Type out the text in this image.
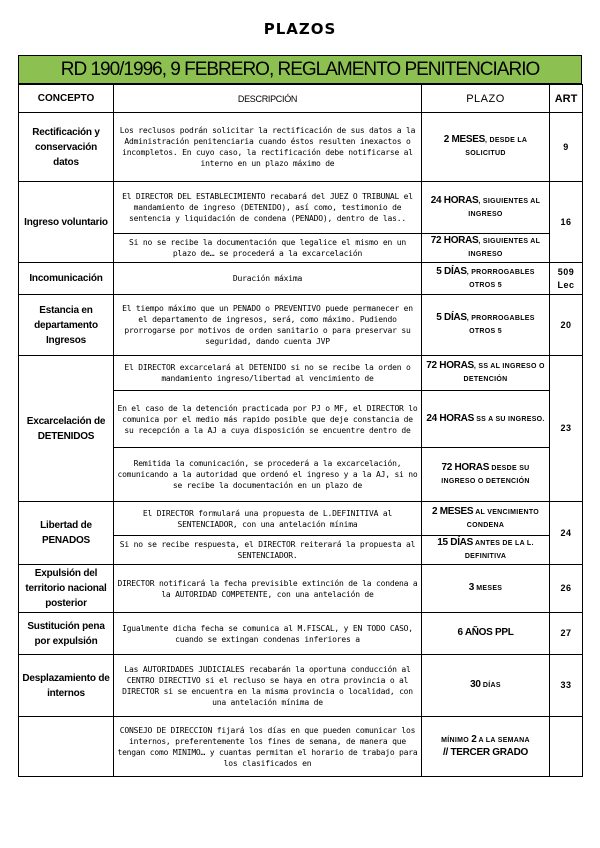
PLAZOS
RD 190/1996, 9 FEBRERO, REGLAMENTO PENITENCIARIO
CONCEPTO	DESCRIPCIÓN	PLAZO	ART
Rectificación y conservación datos	Los reclusos podrán solicitar la rectificación de sus datos a la Administración penitenciaria cuando éstos resulten inexactos o incompletos. En cuyo caso, la rectificación debe notificarse al interno en un plazo máximo de	2 MESES, DESDE LA SOLICITUD	9
Ingreso voluntario	El DIRECTOR DEL ESTABLECIMIENTO recabará del JUEZ O TRIBUNAL el mandamiento de ingreso (DETENIDO), así como, testimonio de sentencia y liquidación de condena (PENADO), dentro de las..	24 HORAS, SIGUIENTES AL INGRESO	16
	Si no se recibe la documentación que legalice el mismo en un plazo de… se procederá a la excarcelación	72 HORAS, SIGUIENTES AL INGRESO	
Incomunicación	Duración máxima	5 DÍAS, PRORROGABLES OTROS 5	509 Lec
Estancia en departamento Ingresos	El tiempo máximo que un PENADO o PREVENTIVO puede permanecer en el departamento de ingresos, será, como máximo. Pudiendo prorrogarse por motivos de orden sanitario o para preservar su seguridad, dando cuenta JVP	5 DÍAS, PRORROGABLES OTROS 5	20
Excarcelación de DETENIDOS	El DIRECTOR excarcelará al DETENIDO si no se recibe la orden o mandamiento ingreso/libertad al vencimiento de	72 HORAS, SS AL INGRESO O DETENCIÓN	23
	En el caso de la detención practicada por PJ o MF, el DIRECTOR lo comunica por el medio más rapido posible que deje constancia de su recepción a la AJ a cuya disposición se encuentre dentro de	24 HORAS SS A SU INGRESO.	
	Remitida la comunicación, se procederá a la excarcelación, comunicando a la autoridad que ordenó el ingreso y a la AJ, si no se recibe la documentación en un plazo de	72 HORAS DESDE SU INGRESO O DETENCIÓN	
Libertad de PENADOS	El DIRECTOR formulará una propuesta de L.DEFINITIVA al SENTENCIADOR, con una antelación mínima	2 MESES AL VENCIMIENTO CONDENA	24
	Si no se recibe respuesta, el DIRECTOR reiterará la propuesta al SENTENCIADOR.	15 DÍAS ANTES DE LA L. DEFINITIVA	
Expulsión del territorio nacional posterior	DIRECTOR notificará la fecha previsible extinción de la condena a la AUTORIDAD COMPETENTE, con una antelación de	3 MESES	26
Sustitución pena por expulsión	Igualmente dicha fecha se comunica al M.FISCAL, y EN TODO CASO, cuando se extingan condenas inferiores a	6 AÑOS PPL	27
Desplazamiento de internos	Las AUTORIDADES JUDICIALES recabarán la oportuna conducción al CENTRO DIRECTIVO si el recluso se haya en otra provincia o al DIRECTOR si se encuentra en la misma provincia o localidad, con una antelación mínima de	30 DÍAS	33
	CONSEJO DE DIRECCION fijará los días en que pueden comunicar los internos, preferentemente los fines de semana, de manera que tengan como MINIMO… y cuantas permitan el horario de trabajo para los clasificados en	MÍNIMO 2 A LA SEMANA
// TERCER GRADO	
